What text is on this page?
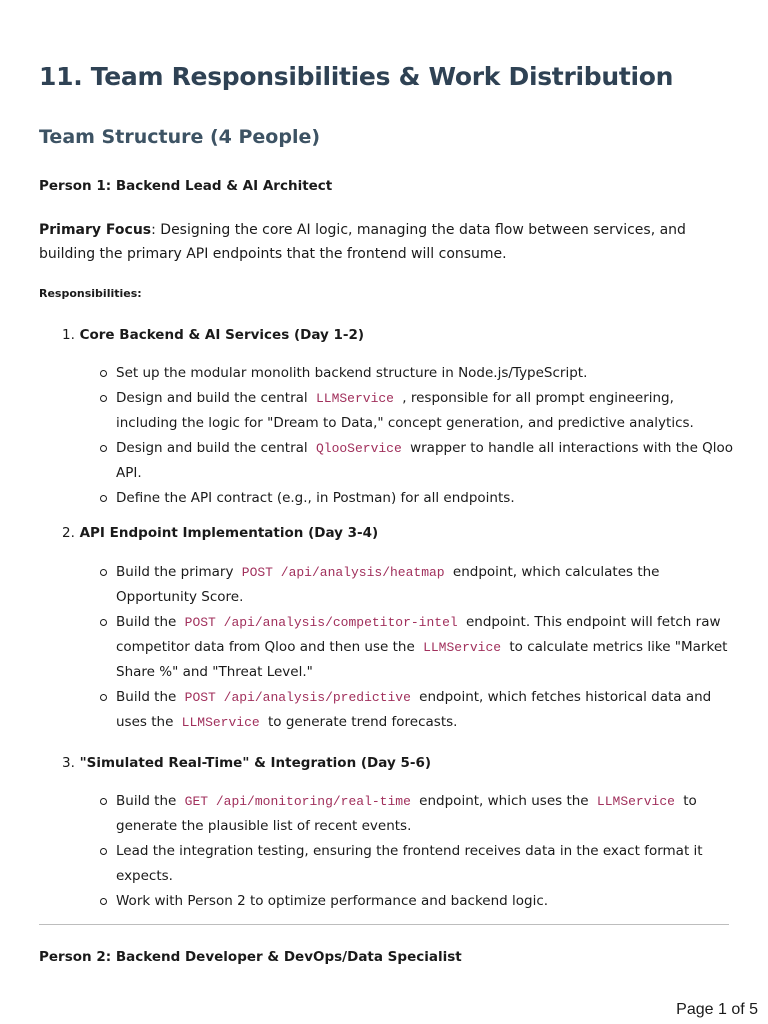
11. Team Responsibilities & Work Distribution
Team Structure (4 People)
Person 1: Backend Lead & AI Architect
Primary Focus: Designing the core AI logic, managing the data flow between services, and building the primary API endpoints that the frontend will consume.
Responsibilities:
1. Core Backend & AI Services (Day 1-2)
Set up the modular monolith backend structure in Node.js/TypeScript.
Design and build the central LLMService , responsible for all prompt engineering, including the logic for "Dream to Data," concept generation, and predictive analytics.
Design and build the central QlooService wrapper to handle all interactions with the Qloo API.
Define the API contract (e.g., in Postman) for all endpoints.
2. API Endpoint Implementation (Day 3-4)
Build the primary POST /api/analysis/heatmap endpoint, which calculates the Opportunity Score.
Build the POST /api/analysis/competitor-intel endpoint. This endpoint will fetch raw competitor data from Qloo and then use the LLMService to calculate metrics like "Market Share %" and "Threat Level."
Build the POST /api/analysis/predictive endpoint, which fetches historical data and uses the LLMService to generate trend forecasts.
3. "Simulated Real-Time" & Integration (Day 5-6)
Build the GET /api/monitoring/real-time endpoint, which uses the LLMService to generate the plausible list of recent events.
Lead the integration testing, ensuring the frontend receives data in the exact format it expects.
Work with Person 2 to optimize performance and backend logic.
Person 2: Backend Developer & DevOps/Data Specialist
Page 1 of 5
